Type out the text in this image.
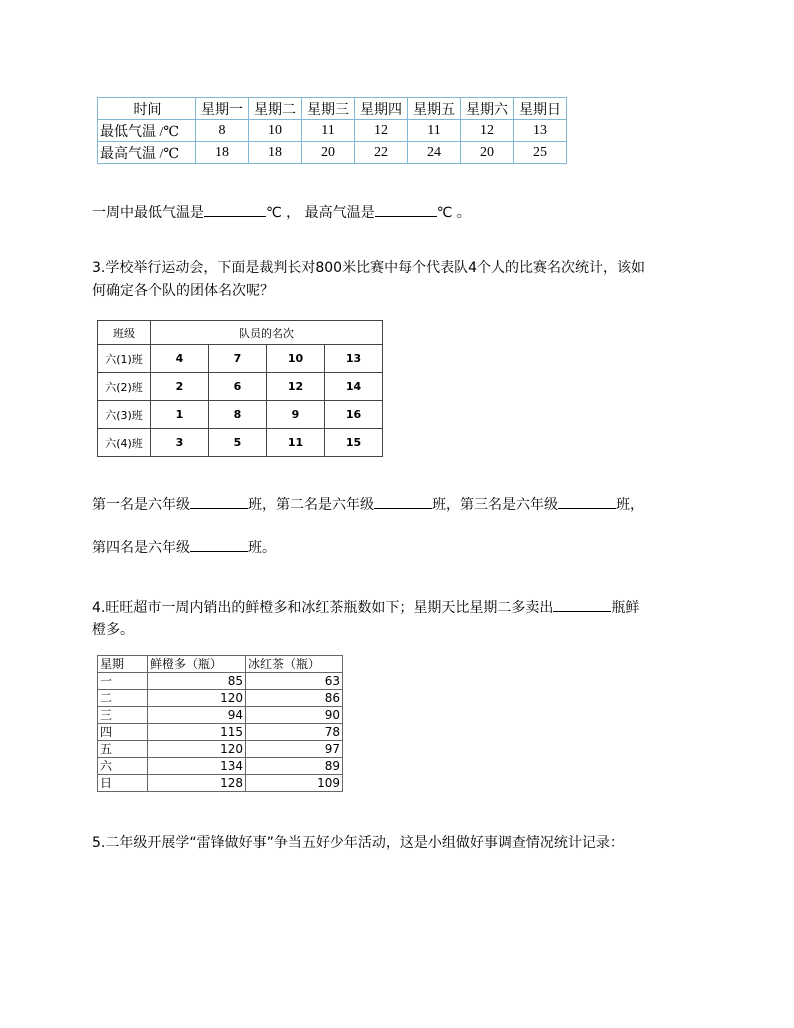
时间	星期一	星期二	星期三	星期四	星期五	星期六	星期日
最低气温 /℃	8	10	11	12	11	12	13
最高气温 /℃	18	18	20	22	24	20	25
一周中最低气温是	℃ ， 最高气温是	℃ 。
3.学校举行运动会，下面是裁判长对800米比赛中每个代表队4个人的比赛名次统计，该如
何确定各个队的团体名次呢？
班级	队员的名次			
六(1)班	4	7	10	13
六(2)班	2	6	12	14
六(3)班	1	8	9	16
六(4)班	3	5	11	15
第一名是六年级	班，第二名是六年级	班，第三名是六年级	班，
第四名是六年级	班。
4.旺旺超市一周内销出的鲜橙多和冰红茶瓶数如下；星期天比星期二多卖出	瓶鲜
橙多。
星期	鲜橙多（瓶）	冰红茶（瓶）
一	85	63
二	120	86
三	94	90
四	115	78
五	120	97
六	134	89
日	128	109
5.二年级开展学“雷锋做好事”争当五好少年活动，这是小组做好事调查情况统计记录：
